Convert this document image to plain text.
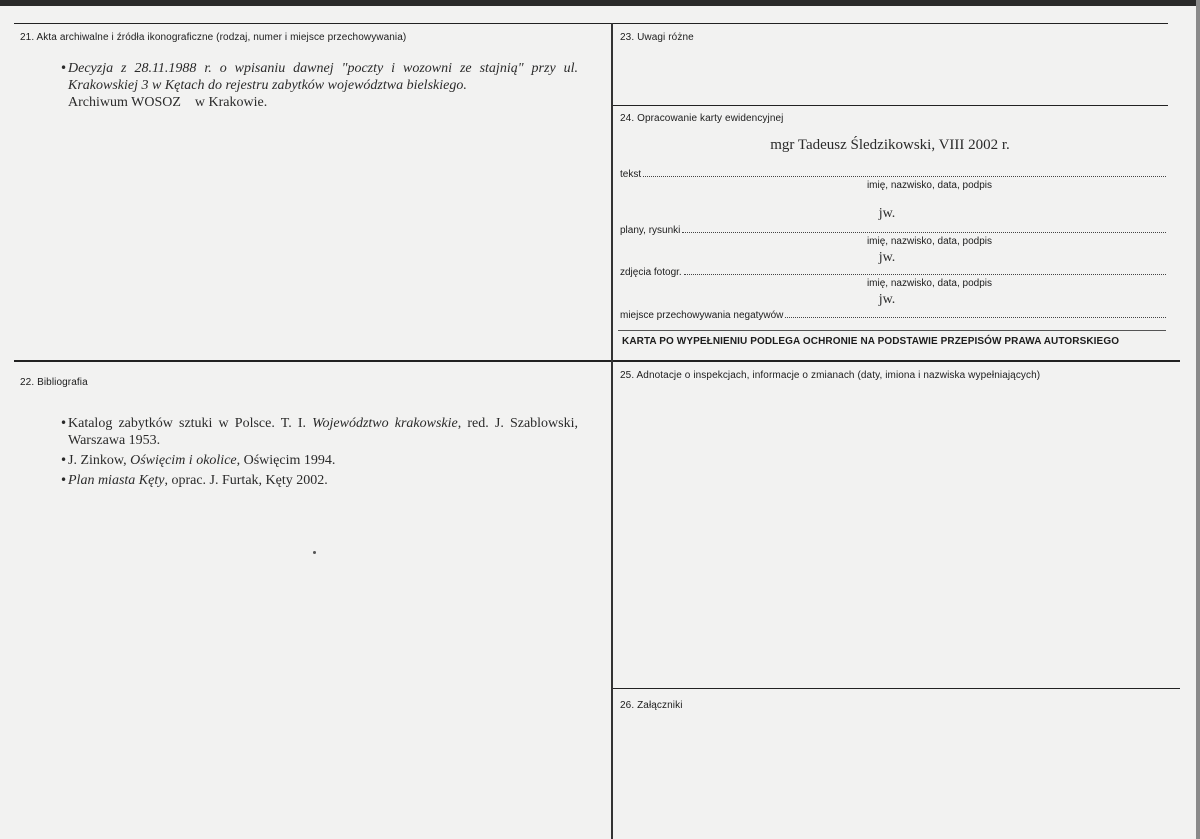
21. Akta archiwalne i źródła ikonograficzne (rodzaj, numer i miejsce przechowywania)
• Decyzja z 28.11.1988 r. o wpisaniu dawnej "poczty i wozowni ze stajnią" przy ul. Krakowskiej 3 w Kętach do rejestru zabytków województwa bielskiego.
Archiwum WOSOZ    w Krakowie.
22. Bibliografia
• Katalog zabytków sztuki w Polsce. T. I. Województwo krakowskie, red. J. Szablowski, Warszawa 1953.
• J. Zinkow, Oświęcim i okolice, Oświęcim 1994.
• Plan miasta Kęty, oprac. J. Furtak, Kęty 2002.
23. Uwagi różne
24. Opracowanie karty ewidencyjnej
mgr Tadeusz Śledzikowski, VIII 2002 r.
tekst
imię, nazwisko, data, podpis
jw.
plany, rysunki
imię, nazwisko, data, podpis
jw.
zdjęcia fotogr.
imię, nazwisko, data, podpis
jw.
miejsce przechowywania negatywów
KARTA PO WYPEŁNIENIU PODLEGA OCHRONIE NA PODSTAWIE PRZEPISÓW PRAWA AUTORSKIEGO
25. Adnotacje o inspekcjach, informacje o zmianach (daty, imiona i nazwiska wypełniających)
26. Załączniki
